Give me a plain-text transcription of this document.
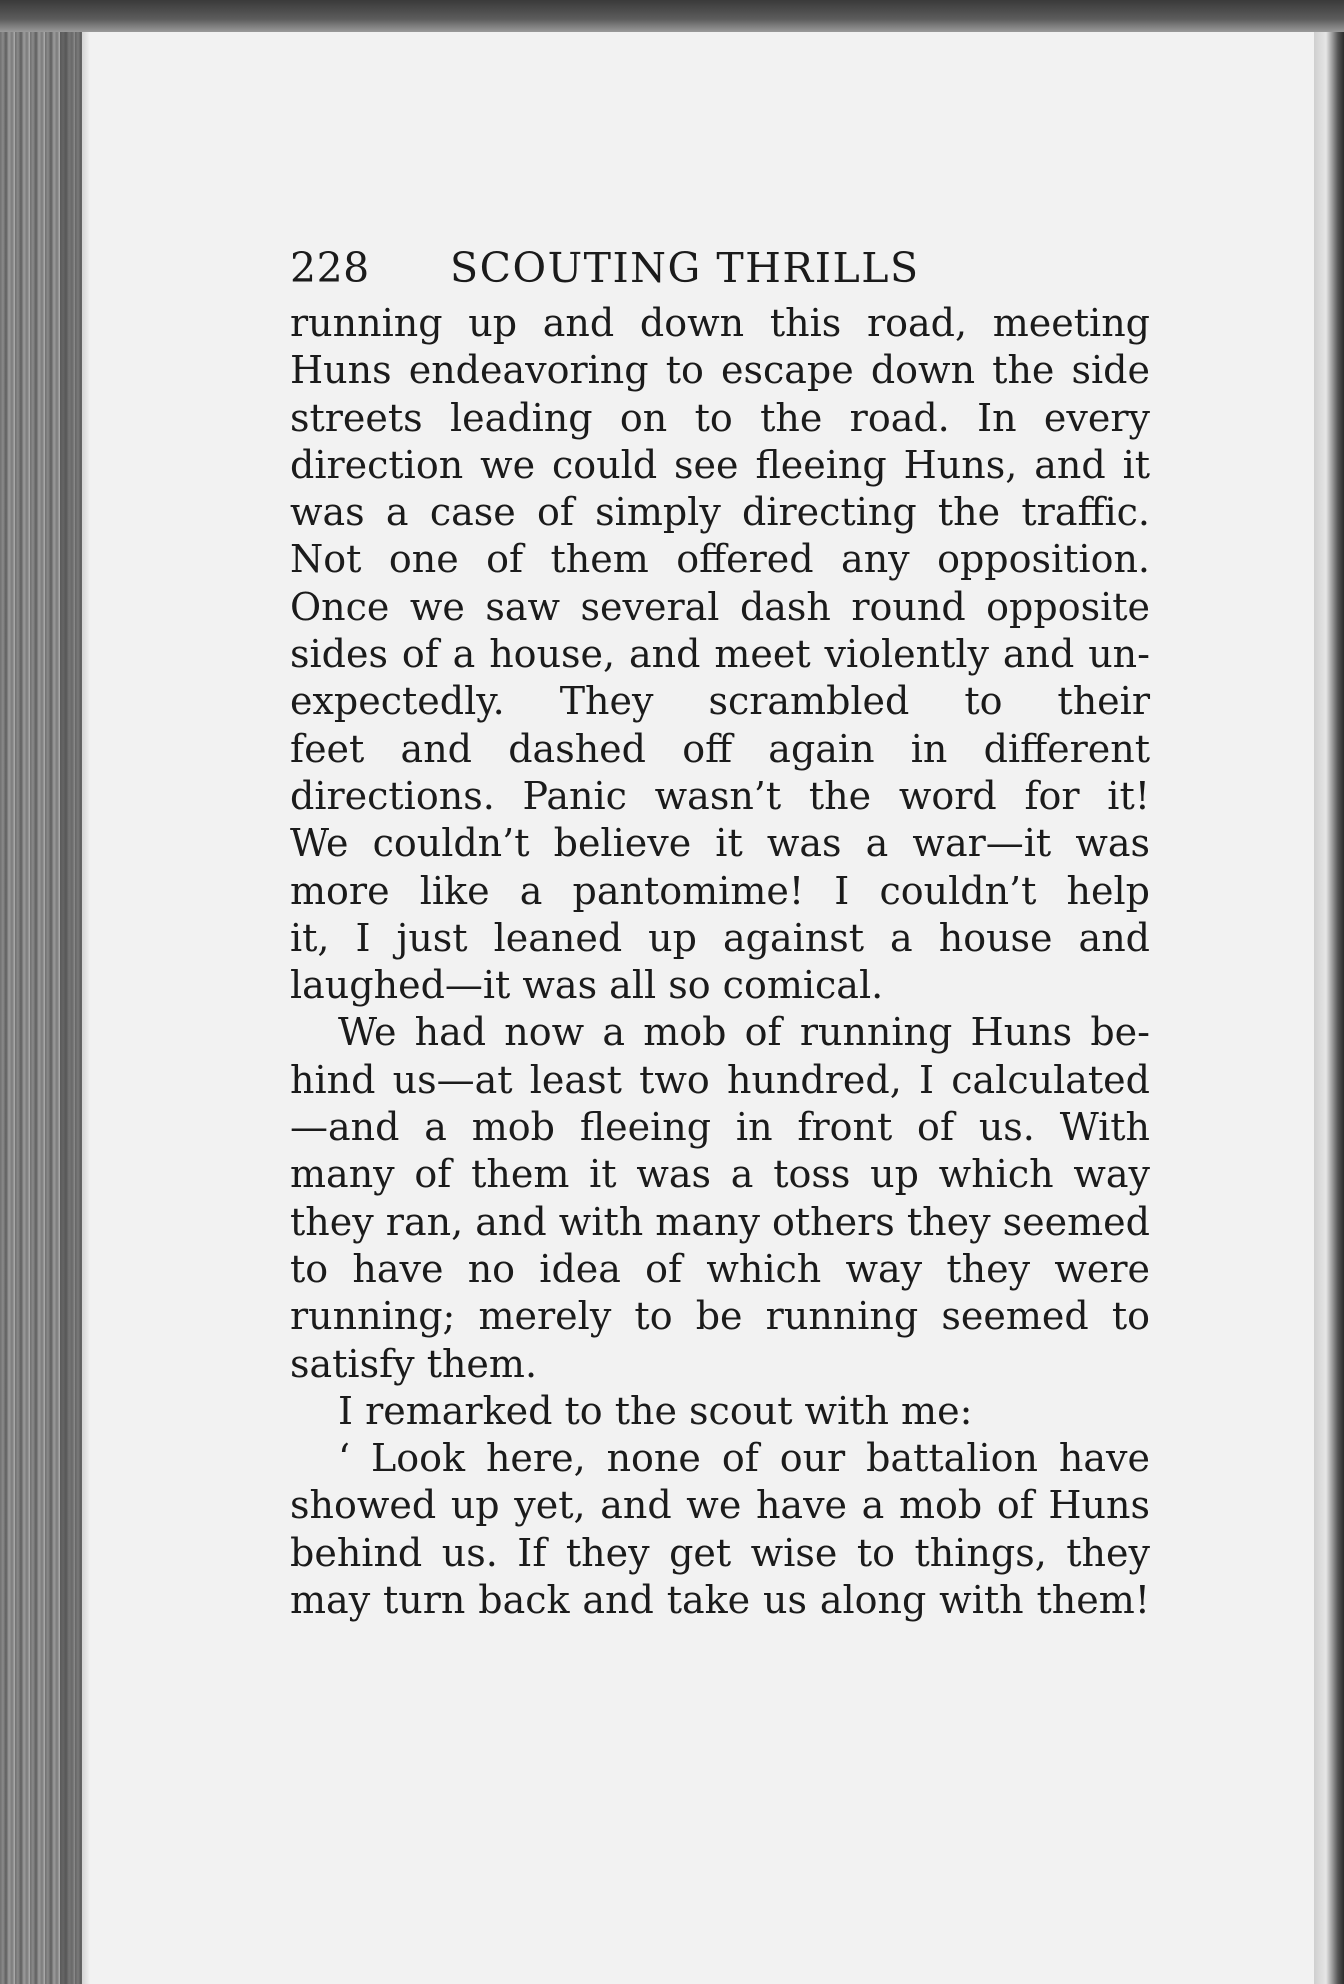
228	SCOUTING THRILLS
running up and down this road, meeting
Huns endeavoring to escape down the side
streets leading on to the road. In every
direction we could see fleeing Huns, and it
was a case of simply directing the traffic.
Not one of them offered any opposition.
Once we saw several dash round opposite
sides of a house, and meet violently and un-
expectedly. They scrambled to their
feet and dashed off again in different
directions. Panic wasn’t the word for it!
We couldn’t believe it was a war—it was
more like a pantomime! I couldn’t help
it, I just leaned up against a house and
laughed—it was all so comical.
We had now a mob of running Huns be-
hind us—at least two hundred, I calculated
—and a mob fleeing in front of us. With
many of them it was a toss up which way
they ran, and with many others they seemed
to have no idea of which way they were
running; merely to be running seemed to
satisfy them.
I remarked to the scout with me:
‘ Look here, none of our battalion have
showed up yet, and we have a mob of Huns
behind us. If they get wise to things, they
may turn back and take us along with them!
